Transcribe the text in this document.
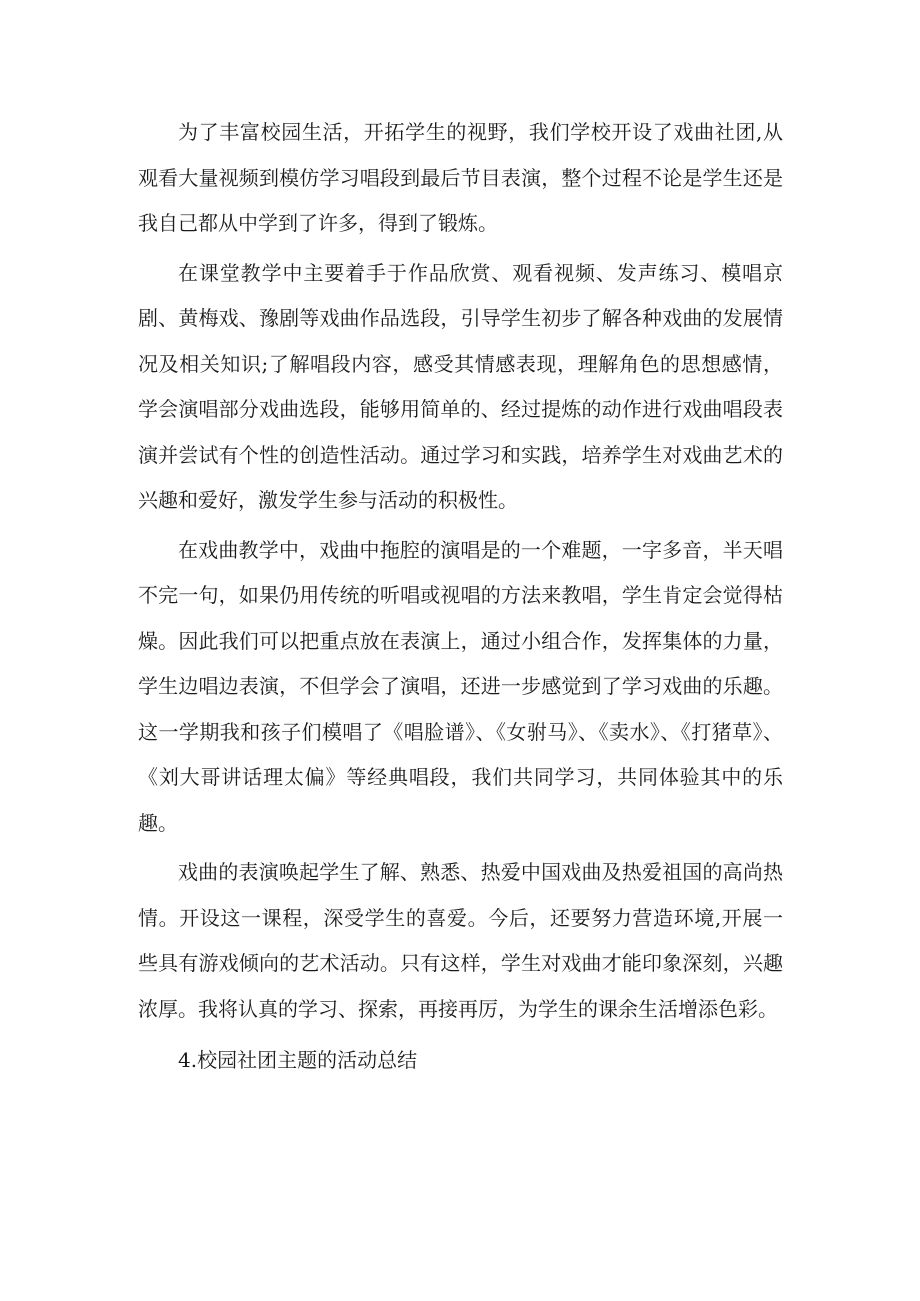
为了丰富校园生活，开拓学生的视野，我们学校开设了戏曲社团,从观看大量视频到模仿学习唱段到最后节目表演，整个过程不论是学生还是我自己都从中学到了许多，得到了锻炼。

在课堂教学中主要着手于作品欣赏、观看视频、发声练习、模唱京剧、黄梅戏、豫剧等戏曲作品选段，引导学生初步了解各种戏曲的发展情况及相关知识;了解唱段内容，感受其情感表现，理解角色的思想感情，学会演唱部分戏曲选段，能够用简单的、经过提炼的动作进行戏曲唱段表演并尝试有个性的创造性活动。通过学习和实践，培养学生对戏曲艺术的兴趣和爱好，激发学生参与活动的积极性。

在戏曲教学中，戏曲中拖腔的演唱是的一个难题，一字多音，半天唱不完一句，如果仍用传统的听唱或视唱的方法来教唱，学生肯定会觉得枯燥。因此我们可以把重点放在表演上，通过小组合作，发挥集体的力量，学生边唱边表演，不但学会了演唱，还进一步感觉到了学习戏曲的乐趣。这一学期我和孩子们模唱了《唱脸谱》、《女驸马》、《卖水》、《打猪草》、《刘大哥讲话理太偏》等经典唱段，我们共同学习，共同体验其中的乐趣。

戏曲的表演唤起学生了解、熟悉、热爱中国戏曲及热爱祖国的高尚热情。开设这一课程，深受学生的喜爱。今后，还要努力营造环境,开展一些具有游戏倾向的艺术活动。只有这样，学生对戏曲才能印象深刻，兴趣浓厚。我将认真的学习、探索，再接再厉，为学生的课余生活增添色彩。

4.校园社团主题的活动总结
